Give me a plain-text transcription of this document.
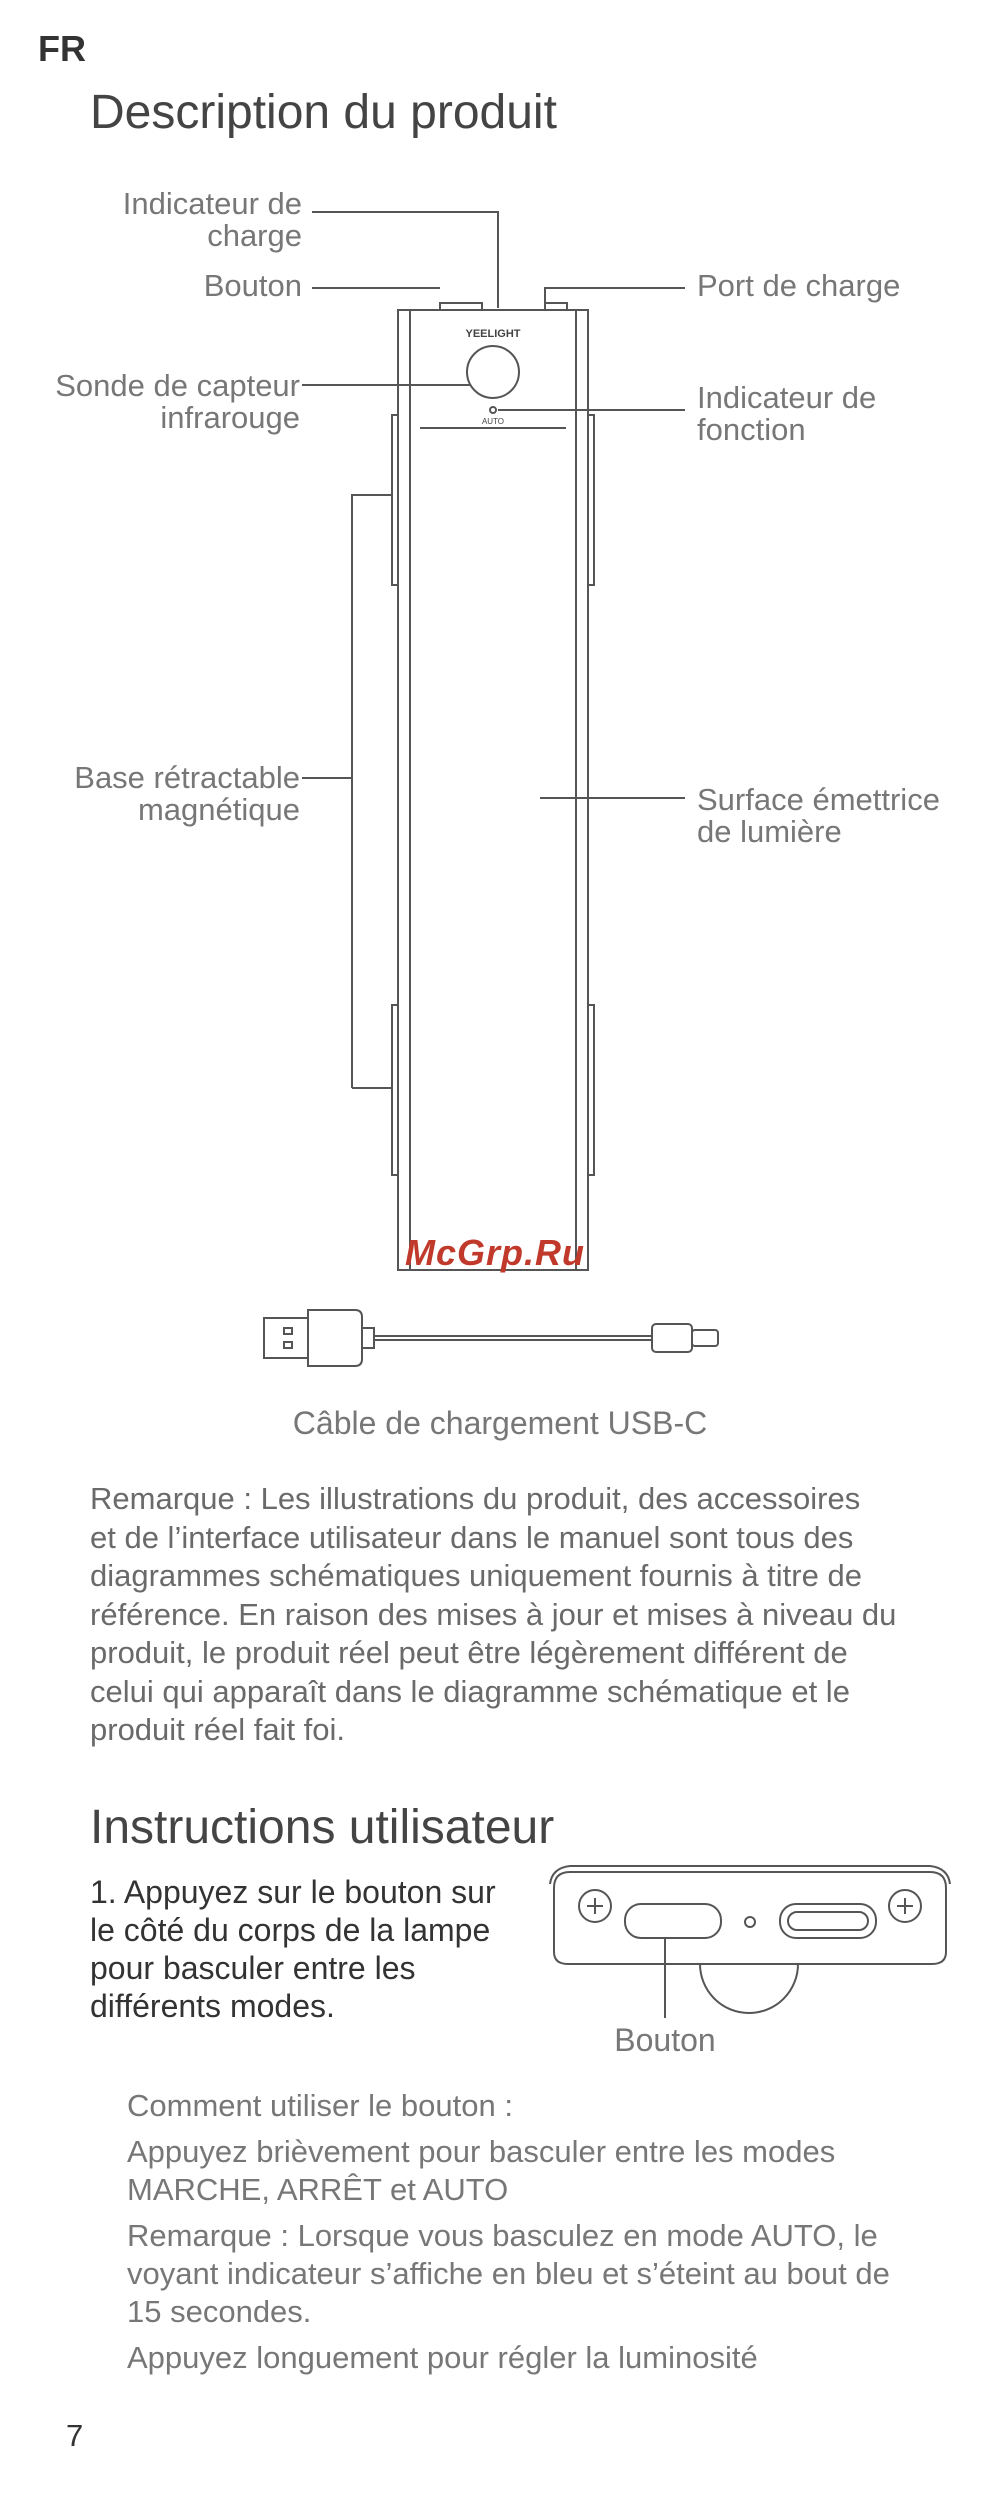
FR
Description du produit
YEELIGHT
AUTO
Indicateur de
charge
Bouton
Sonde de capteur
infrarouge
Base rétractable
magnétique
Port de charge
Indicateur de
fonction
Surface émettrice
de lumière
McGrp.Ru
Câble de chargement USB-C
Remarque : Les illustrations du produit, des accessoires
et de l’interface utilisateur dans le manuel sont tous des
diagrammes schématiques uniquement fournis à titre de
référence. En raison des mises à jour et mises à niveau du
produit, le produit réel peut être légèrement différent de
celui qui apparaît dans le diagramme schématique et le
produit réel fait foi.
Instructions utilisateur
1. Appuyez sur le bouton sur
le côté du corps de la lampe
pour basculer entre les
différents modes.
Bouton
Comment utiliser le bouton :
Appuyez brièvement pour basculer entre les modes
MARCHE, ARRÊT et AUTO
Remarque : Lorsque vous basculez en mode AUTO, le
voyant indicateur s’affiche en bleu et s’éteint au bout de
15 secondes.
Appuyez longuement pour régler la luminosité
7
